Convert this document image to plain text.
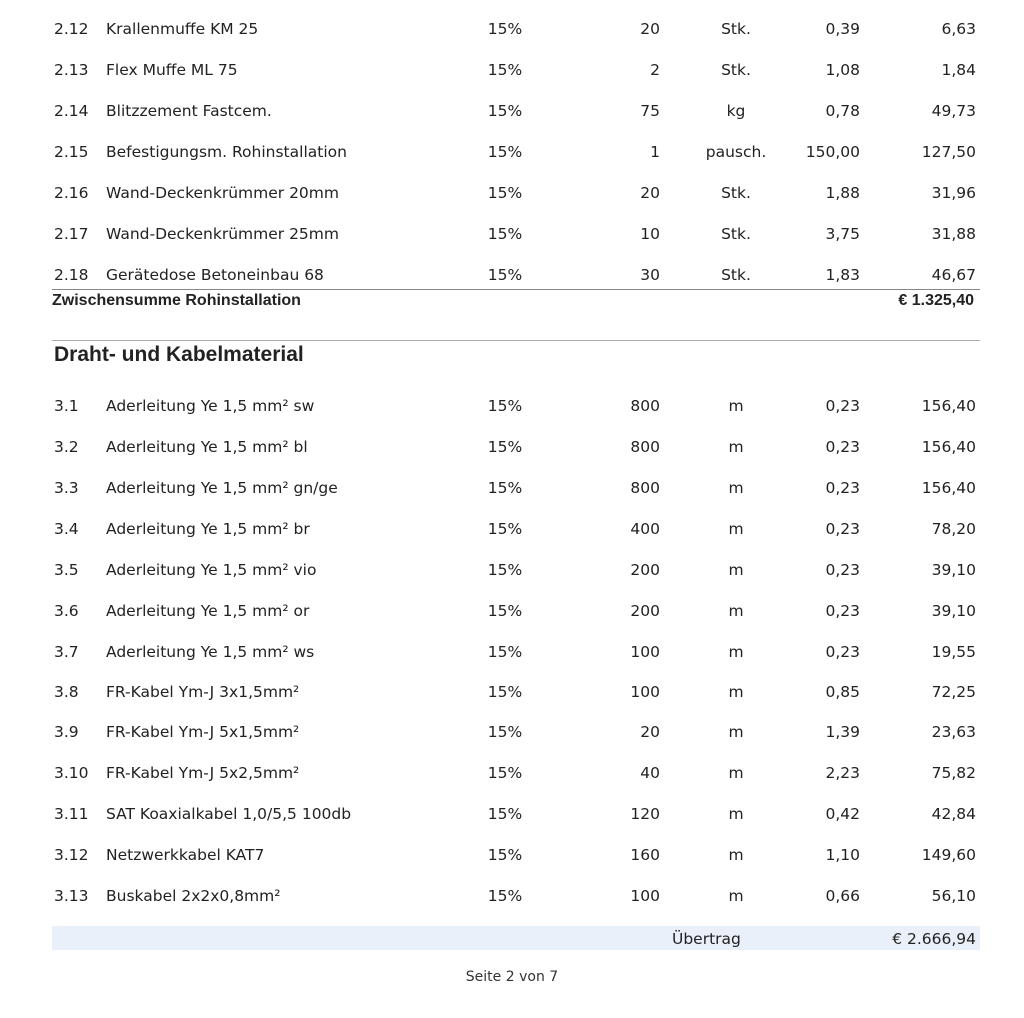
2.12 Krallenmuffe KM 25	15%	20	Stk.	0,39	6,63
2.13 Flex Muffe ML 75	15%	2	Stk.	1,08	1,84
2.14 Blitzzement Fastcem.	15%	75	kg	0,78	49,73
2.15 Befestigungsm. Rohinstallation	15%	1	pausch.	150,00	127,50
2.16 Wand-Deckenkrümmer 20mm	15%	20	Stk.	1,88	31,96
2.17 Wand-Deckenkrümmer 25mm	15%	10	Stk.	3,75	31,88
2.18 Gerätedose Betoneinbau 68	15%	30	Stk.	1,83	46,67
Zwischensumme Rohinstallation	€ 1.325,40
Draht- und Kabelmaterial
3.1 Aderleitung Ye 1,5 mm² sw	15%	800	m	0,23	156,40
3.2 Aderleitung Ye 1,5 mm² bl	15%	800	m	0,23	156,40
3.3 Aderleitung Ye 1,5 mm² gn/ge	15%	800	m	0,23	156,40
3.4 Aderleitung Ye 1,5 mm² br	15%	400	m	0,23	78,20
3.5 Aderleitung Ye 1,5 mm² vio	15%	200	m	0,23	39,10
3.6 Aderleitung Ye 1,5 mm² or	15%	200	m	0,23	39,10
3.7 Aderleitung Ye 1,5 mm² ws	15%	100	m	0,23	19,55
3.8 FR-Kabel Ym-J 3x1,5mm²	15%	100	m	0,85	72,25
3.9 FR-Kabel Ym-J 5x1,5mm²	15%	20	m	1,39	23,63
3.10 FR-Kabel Ym-J 5x2,5mm²	15%	40	m	2,23	75,82
3.11 SAT Koaxialkabel 1,0/5,5 100db	15%	120	m	0,42	42,84
3.12 Netzwerkkabel KAT7	15%	160	m	1,10	149,60
3.13 Buskabel 2x2x0,8mm²	15%	100	m	0,66	56,10
Übertrag	€ 2.666,94
Seite 2 von 7
